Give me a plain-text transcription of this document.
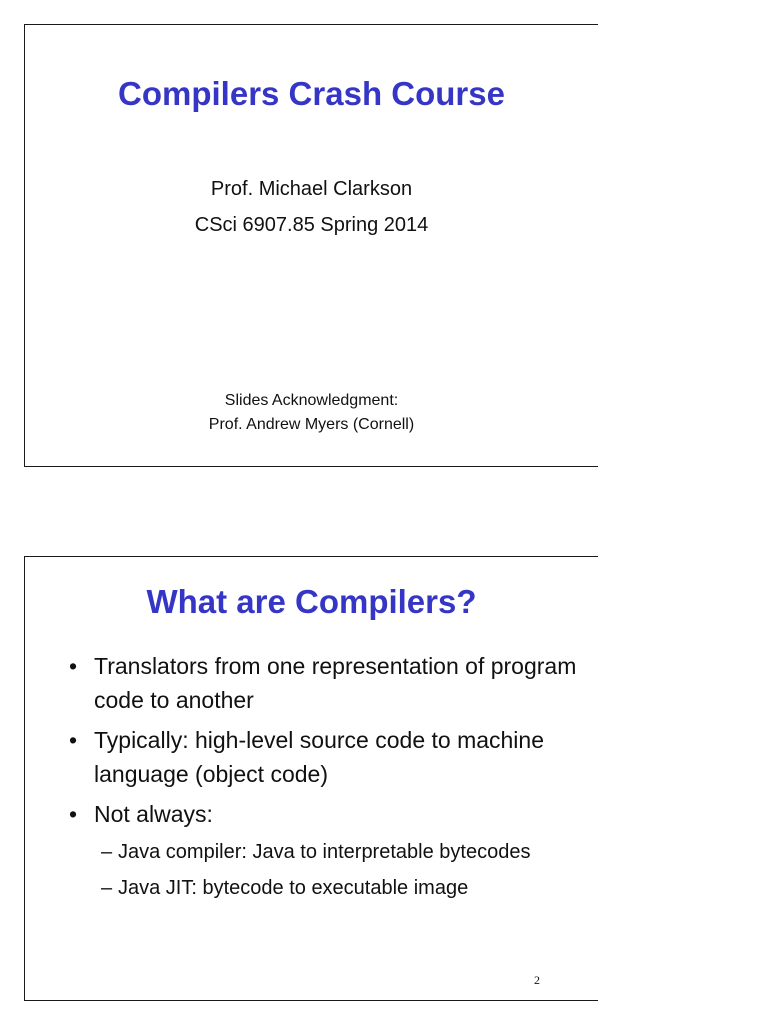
Compilers Crash Course
Prof. Michael Clarkson
CSci 6907.85 Spring 2014
Slides Acknowledgment:
Prof. Andrew Myers (Cornell)
What are Compilers?
• Translators from one representation of program code to another
• Typically: high-level source code to machine language (object code)
• Not always:
– Java compiler: Java to interpretable bytecodes
– Java JIT: bytecode to executable image
2
